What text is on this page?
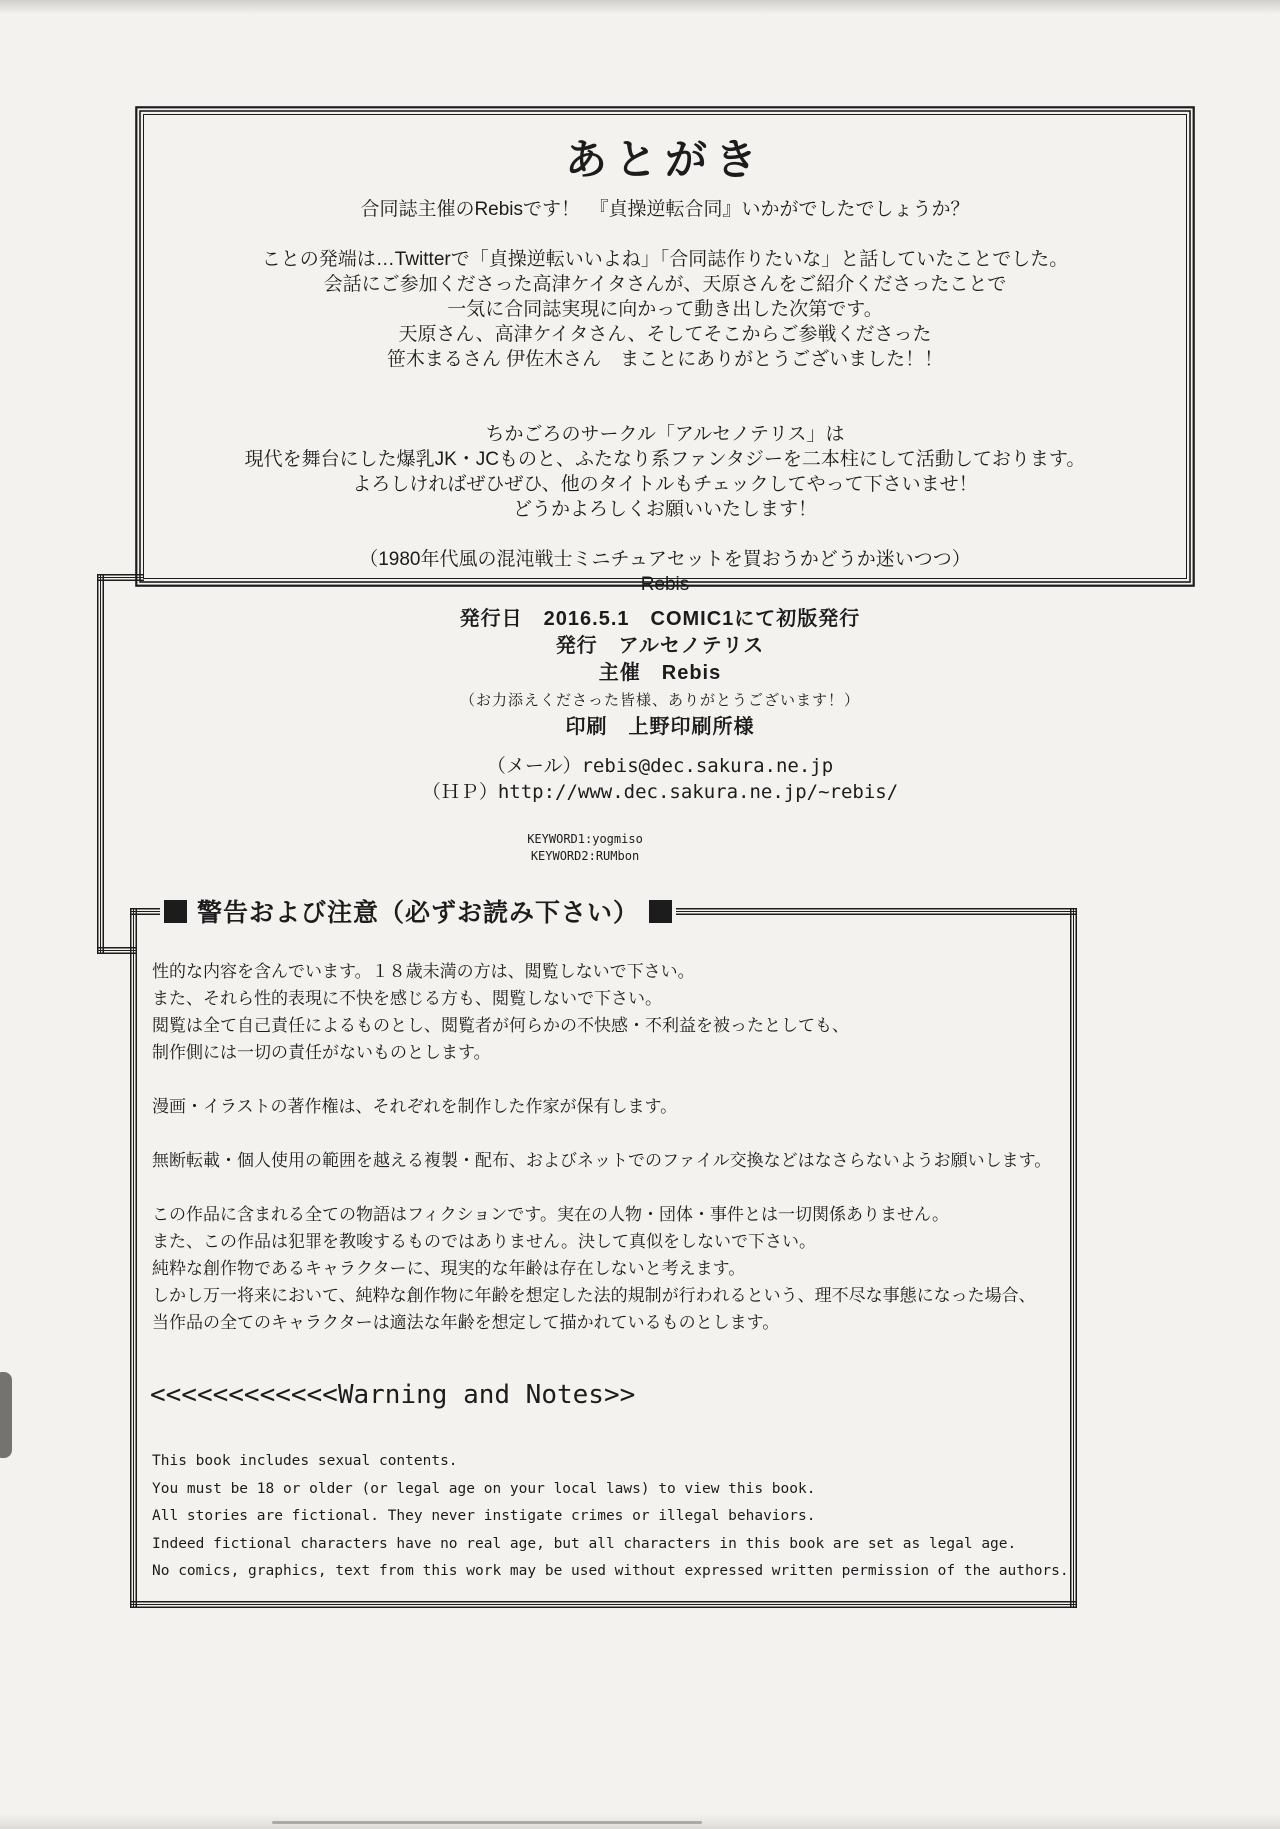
あとがき
合同誌主催のRebisです！　『貞操逆転合同』いかがでしたでしょうか？
ことの発端は…Twitterで「貞操逆転いいよね」「合同誌作りたいな」と話していたことでした。
会話にご参加くださった高津ケイタさんが、天原さんをご紹介くださったことで
一気に合同誌実現に向かって動き出した次第です。
天原さん、高津ケイタさん、そしてそこからご参戦くださった
笹木まるさん 伊佐木さん　まことにありがとうございました！！
ちかごろのサークル「アルセノテリス」は
現代を舞台にした爆乳JK・JCものと、ふたなり系ファンタジーを二本柱にして活動しております。
よろしければぜひぜひ、他のタイトルもチェックしてやって下さいませ！
どうかよろしくお願いいたします！
（1980年代風の混沌戦士ミニチュアセットを買おうかどうか迷いつつ）
Rebis
発行日　2016.5.1　COMIC1にて初版発行
発行　アルセノテリス
主催　Rebis
（お力添えくださった皆様、ありがとうございます！）
印刷　上野印刷所様
（メール）rebis@dec.sakura.ne.jp
（ＨＰ）http://www.dec.sakura.ne.jp/~rebis/
KEYWORD1:yogmiso
KEYWORD2:RUMbon
警告および注意（必ずお読み下さい）
性的な内容を含んでいます。１８歳未満の方は、閲覧しないで下さい。
また、それら性的表現に不快を感じる方も、閲覧しないで下さい。
閲覧は全て自己責任によるものとし、閲覧者が何らかの不快感・不利益を被ったとしても、
制作側には一切の責任がないものとします。
漫画・イラストの著作権は、それぞれを制作した作家が保有します。
無断転載・個人使用の範囲を越える複製・配布、およびネットでのファイル交換などはなさらないようお願いします。
この作品に含まれる全ての物語はフィクションです。実在の人物・団体・事件とは一切関係ありません。
また、この作品は犯罪を教唆するものではありません。決して真似をしないで下さい。
純粋な創作物であるキャラクターに、現実的な年齢は存在しないと考えます。
しかし万一将来において、純粋な創作物に年齢を想定した法的規制が行われるという、理不尽な事態になった場合、
当作品の全てのキャラクターは適法な年齢を想定して描かれているものとします。
<<<<<<<<<<<<Warning and Notes>>
This book includes sexual contents.
You must be 18 or older (or legal age on your local laws) to view this book.
All stories are fictional. They never instigate crimes or illegal behaviors.
Indeed fictional characters have no real age, but all characters in this book are set as legal age.
No comics, graphics, text from this work may be used without expressed written permission of the authors.
